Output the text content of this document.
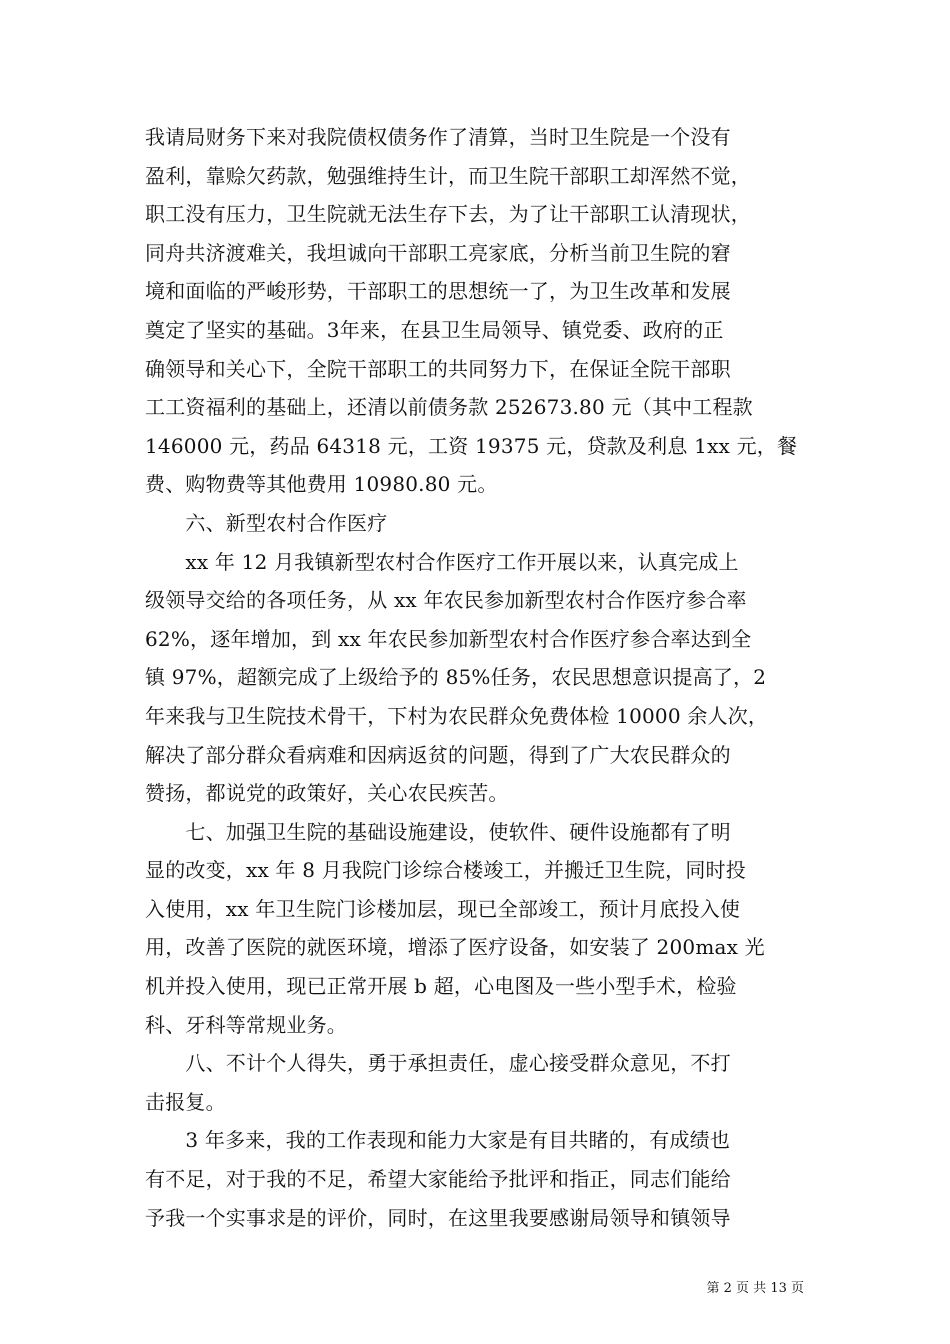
我请局财务下来对我院债权债务作了清算，当时卫生院是一个没有
盈利，靠赊欠药款，勉强维持生计，而卫生院干部职工却浑然不觉，
职工没有压力，卫生院就无法生存下去，为了让干部职工认清现状，
同舟共济渡难关，我坦诚向干部职工亮家底，分析当前卫生院的窘
境和面临的严峻形势，干部职工的思想统一了，为卫生改革和发展
奠定了坚实的基础。3年来，在县卫生局领导、镇党委、政府的正
确领导和关心下，全院干部职工的共同努力下，在保证全院干部职
工工资福利的基础上，还清以前债务款 252673.80 元（其中工程款
146000 元，药品 64318 元，工资 19375 元，贷款及利息 1xx 元，餐
费、购物费等其他费用 10980.80 元。
　　六、新型农村合作医疗
　　xx 年 12 月我镇新型农村合作医疗工作开展以来，认真完成上
级领导交给的各项任务，从 xx 年农民参加新型农村合作医疗参合率
62%，逐年增加，到 xx 年农民参加新型农村合作医疗参合率达到全
镇 97%，超额完成了上级给予的 85%任务，农民思想意识提高了，2
年来我与卫生院技术骨干，下村为农民群众免费体检 10000 余人次，
解决了部分群众看病难和因病返贫的问题，得到了广大农民群众的
赞扬，都说党的政策好，关心农民疾苦。
　　七、加强卫生院的基础设施建设，使软件、硬件设施都有了明
显的改变，xx 年 8 月我院门诊综合楼竣工，并搬迁卫生院，同时投
入使用，xx 年卫生院门诊楼加层，现已全部竣工，预计月底投入使
用，改善了医院的就医环境，增添了医疗设备，如安装了 200max 光
机并投入使用，现已正常开展 b 超，心电图及一些小型手术，检验
科、牙科等常规业务。
　　八、不计个人得失，勇于承担责任，虚心接受群众意见，不打
击报复。
　　3 年多来，我的工作表现和能力大家是有目共睹的，有成绩也
有不足，对于我的不足，希望大家能给予批评和指正，同志们能给
予我一个实事求是的评价，同时，在这里我要感谢局领导和镇领导
第 2 页 共 13 页
